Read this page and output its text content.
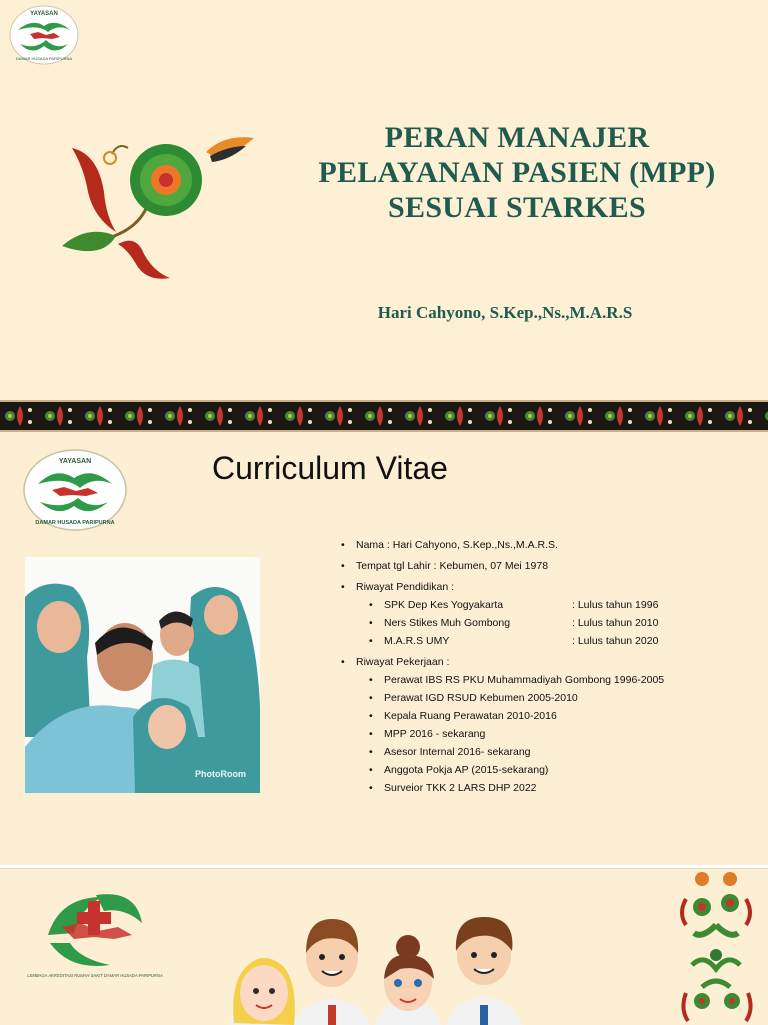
YAYASAN
DAMAR HUSADA PARIPURNA
PERAN MANAJER
PELAYANAN PASIEN (MPP)
SESUAI STARKES
Hari Cahyono, S.Kep.,Ns.,M.A.R.S
YAYASAN
DAMAR HUSADA PARIPURNA
Curriculum Vitae
PhotoRoom
• Nama : Hari Cahyono, S.Kep.,Ns.,M.A.R.S.
• Tempat tgl Lahir : Kebumen, 07 Mei 1978
• Riwayat Pendidikan :
• SPK Dep Kes Yogyakarta	: Lulus tahun 1996
• Ners Stikes Muh Gombong	: Lulus tahun 2010
• M.A.R.S UMY	: Lulus tahun 2020
• Riwayat Pekerjaan :
• Perawat IBS RS PKU Muhammadiyah Gombong 1996-2005
• Perawat IGD RSUD Kebumen 2005-2010
• Kepala Ruang Perawatan 2010-2016
• MPP 2016 - sekarang
• Asesor Internal 2016- sekarang
• Anggota Pokja AP (2015-sekarang)
• Surveior TKK 2 LARS DHP 2022
LEMBAGA AKREDITASI RUMAH SAKIT DAMAR HUSADA PARIPURNA
